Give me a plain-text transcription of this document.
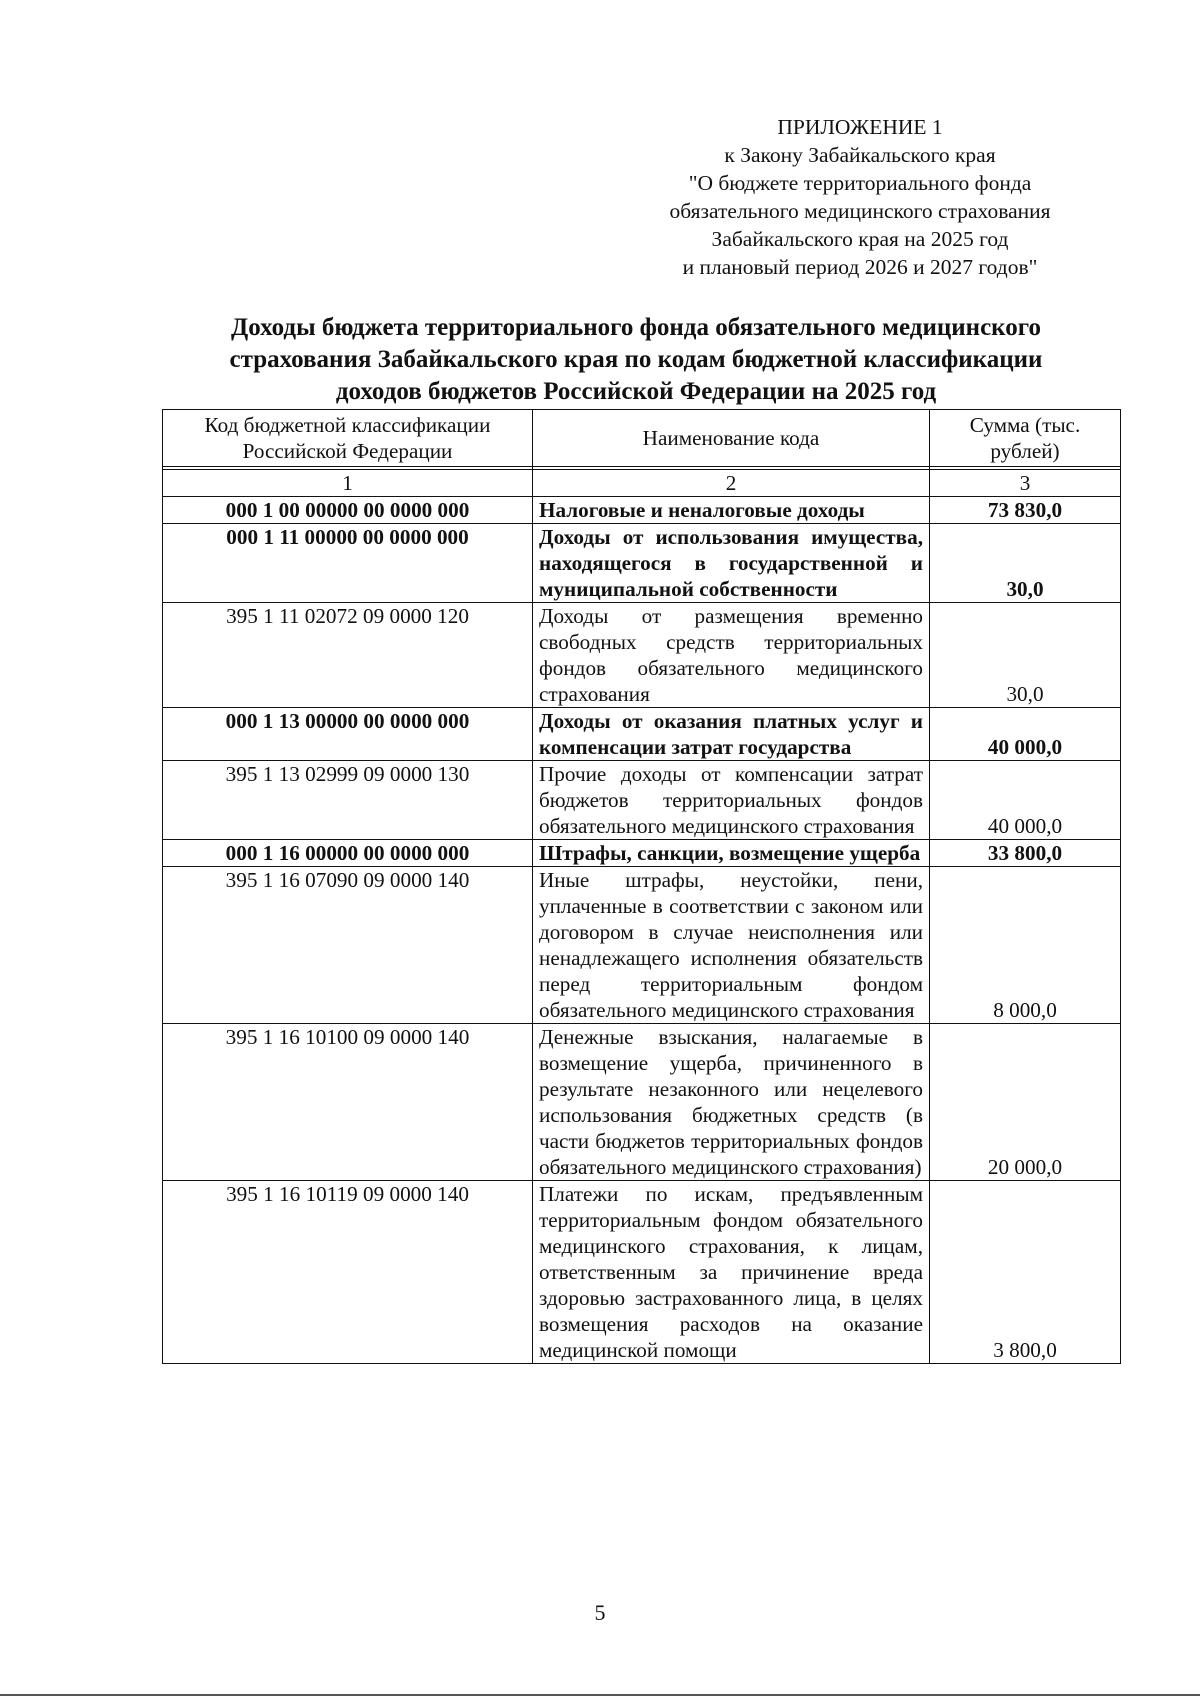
ПРИЛОЖЕНИЕ 1
к Закону Забайкальского края
"О бюджете территориального фонда
обязательного медицинского страхования
Забайкальского края на 2025 год
и плановый период 2026 и 2027 годов"
Доходы бюджета территориального фонда обязательного медицинского
страхования Забайкальского края по кодам бюджетной классификации
доходов бюджетов Российской Федерации на 2025 год
Код бюджетной классификации Российской Федерации	Наименование кода	Сумма (тыс. рублей)

1	2	3
000 1 00 00000 00 0000 000	Налоговые и неналоговые доходы	73 830,0
000 1 11 00000 00 0000 000	Доходы от использования имущества, находящегося в государственной и муниципальной собственности	30,0
395 1 11 02072 09 0000 120	Доходы от размещения временно свободных средств территориальных фондов обязательного медицинского страхования	30,0
000 1 13 00000 00 0000 000	Доходы от оказания платных услуг и компенсации затрат государства	40 000,0
395 1 13 02999 09 0000 130	Прочие доходы от компенсации затрат бюджетов территориальных фондов обязательного медицинского страхования	40 000,0
000 1 16 00000 00 0000 000	Штрафы, санкции, возмещение ущерба	33 800,0
395 1 16 07090 09 0000 140	Иные штрафы, неустойки, пени, уплаченные в соответствии с законом или договором в случае неисполнения или ненадлежащего исполнения обязательств перед территориальным фондом обязательного медицинского страхования	8 000,0
395 1 16 10100 09 0000 140	Денежные взыскания, налагаемые в возмещение ущерба, причиненного в результате незаконного или нецелевого использования бюджетных средств (в части бюджетов территориальных фондов обязательного медицинского страхования)	20 000,0
395 1 16 10119 09 0000 140	Платежи по искам, предъявленным территориальным фондом обязательного медицинского страхования, к лицам, ответственным за причинение вреда здоровью застрахованного лица, в целях возмещения расходов на оказание медицинской помощи	3 800,0
5
